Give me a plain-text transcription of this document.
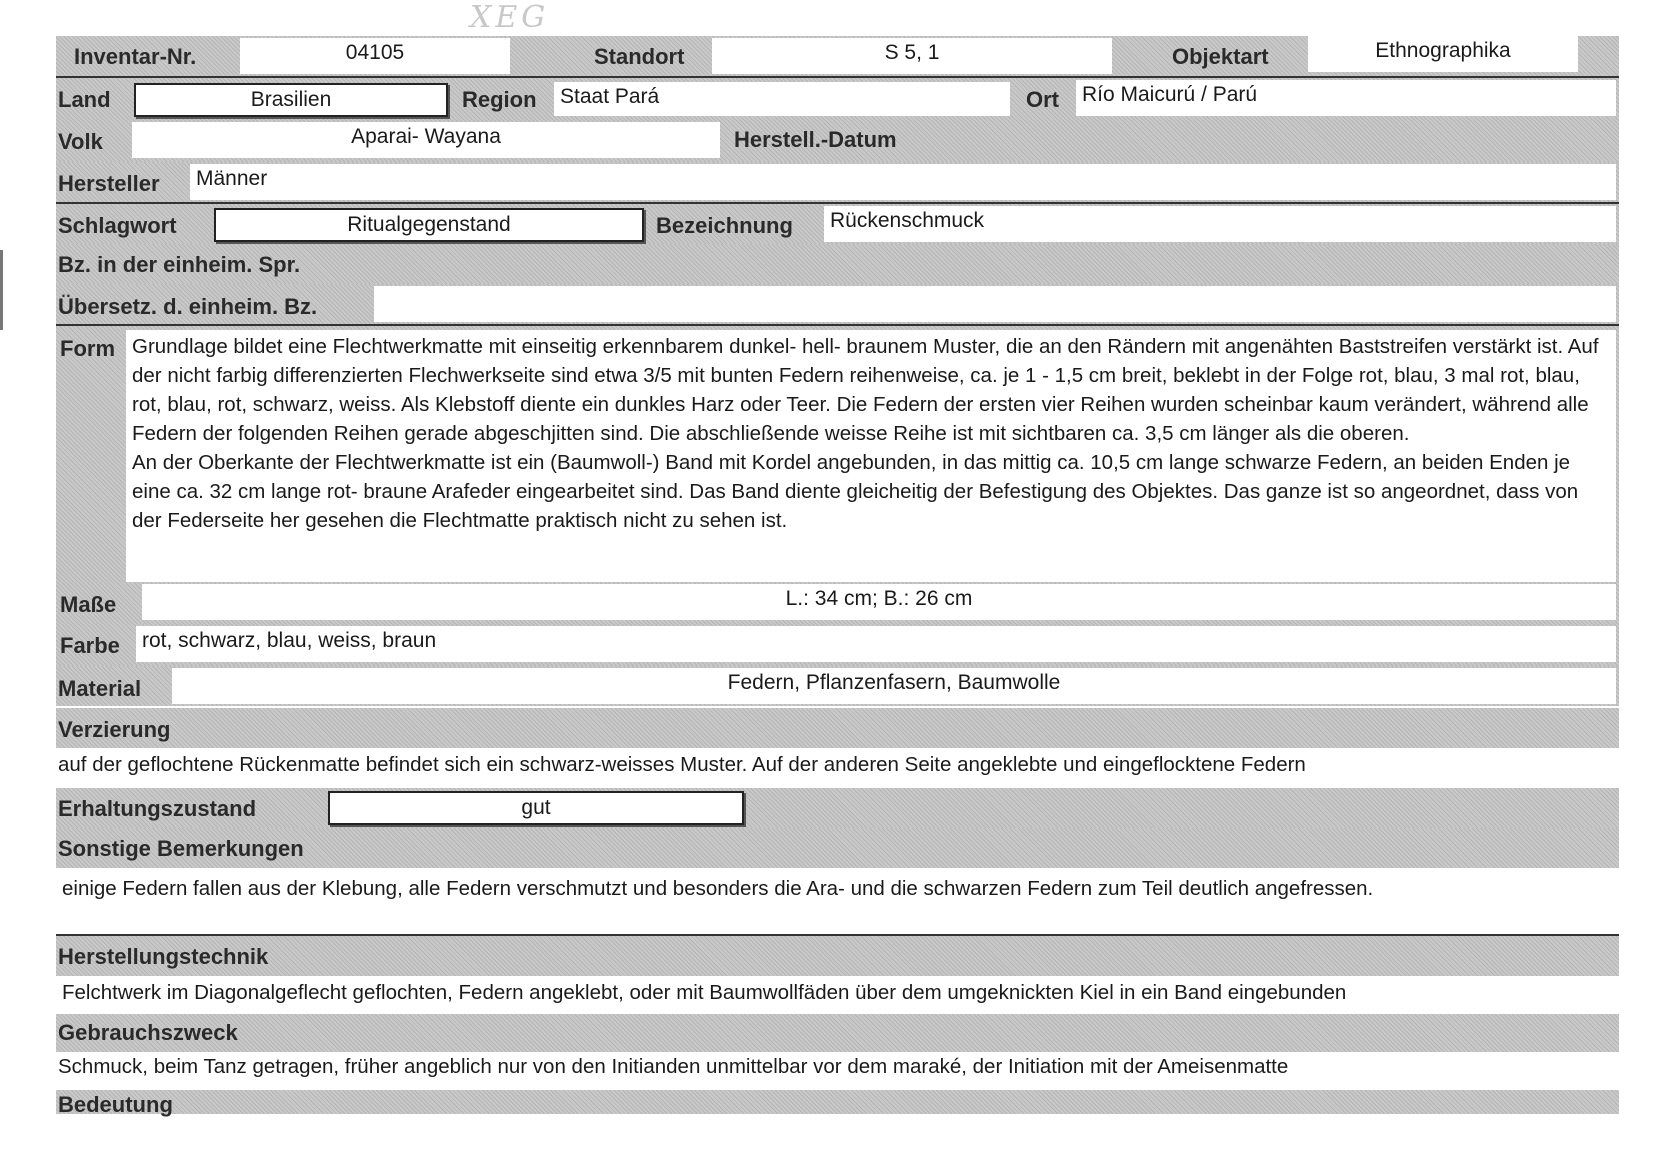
XEG
Inventar-Nr.	04105	Standort	S 5, 1	Objektart	Ethnographika
Land	Brasilien	Region Staat Pará	Ort Río Maicurú / Parú
Volk	Aparai- Wayana	Herstell.-Datum
Hersteller Männer
Schlagwort	Ritualgegenstand	Bezeichnung Rückenschmuck
Bz. in der einheim. Spr.
Übersetz. d. einheim. Bz.
Form Grundlage bildet eine Flechtwerkmatte mit einseitig erkennbarem dunkel- hell- braunem Muster, die an den Rändern mit angenähten Baststreifen verstärkt ist. Auf der nicht farbig differenzierten Flechwerkseite sind etwa 3/5 mit bunten Federn reihenweise, ca. je 1 - 1,5 cm breit, beklebt in der Folge rot, blau, 3 mal rot, blau, rot, blau, rot, schwarz, weiss. Als Klebstoff diente ein dunkles Harz oder Teer. Die Federn der ersten vier Reihen wurden scheinbar kaum verändert, während alle Federn der folgenden Reihen gerade abgeschjitten sind. Die abschließende weisse Reihe ist mit sichtbaren ca. 3,5 cm länger als die oberen.

An der Oberkante der Flechtwerkmatte ist ein (Baumwoll-) Band mit Kordel angebunden, in das mittig ca. 10,5 cm lange schwarze Federn, an beiden Enden je eine ca. 32 cm lange rot- braune Arafeder eingearbeitet sind. Das Band diente gleicheitig der Befestigung des Objektes. Das ganze ist so angeordnet, dass von der Federseite her gesehen die Flechtmatte praktisch nicht zu sehen ist.

Maße	L.: 34 cm; B.: 26 cm
Farbe rot, schwarz, blau, weiss, braun
Material	Federn, Pflanzenfasern, Baumwolle
Verzierung
auf der geflochtene Rückenmatte befindet sich ein schwarz-weisses Muster. Auf der anderen Seite angeklebte und eingeflocktene Federn
Erhaltungszustand	gut
Sonstige Bemerkungen
einige Federn fallen aus der Klebung, alle Federn verschmutzt und besonders die Ara- und die schwarzen Federn zum Teil deutlich angefressen.
Herstellungstechnik
Felchtwerk im Diagonalgeflecht geflochten, Federn angeklebt, oder mit Baumwollfäden über dem umgeknickten Kiel in ein Band eingebunden
Gebrauchszweck
Schmuck, beim Tanz getragen, früher angeblich nur von den Initianden unmittelbar vor dem maraké, der Initiation mit der Ameisenmatte
Bedeutung
